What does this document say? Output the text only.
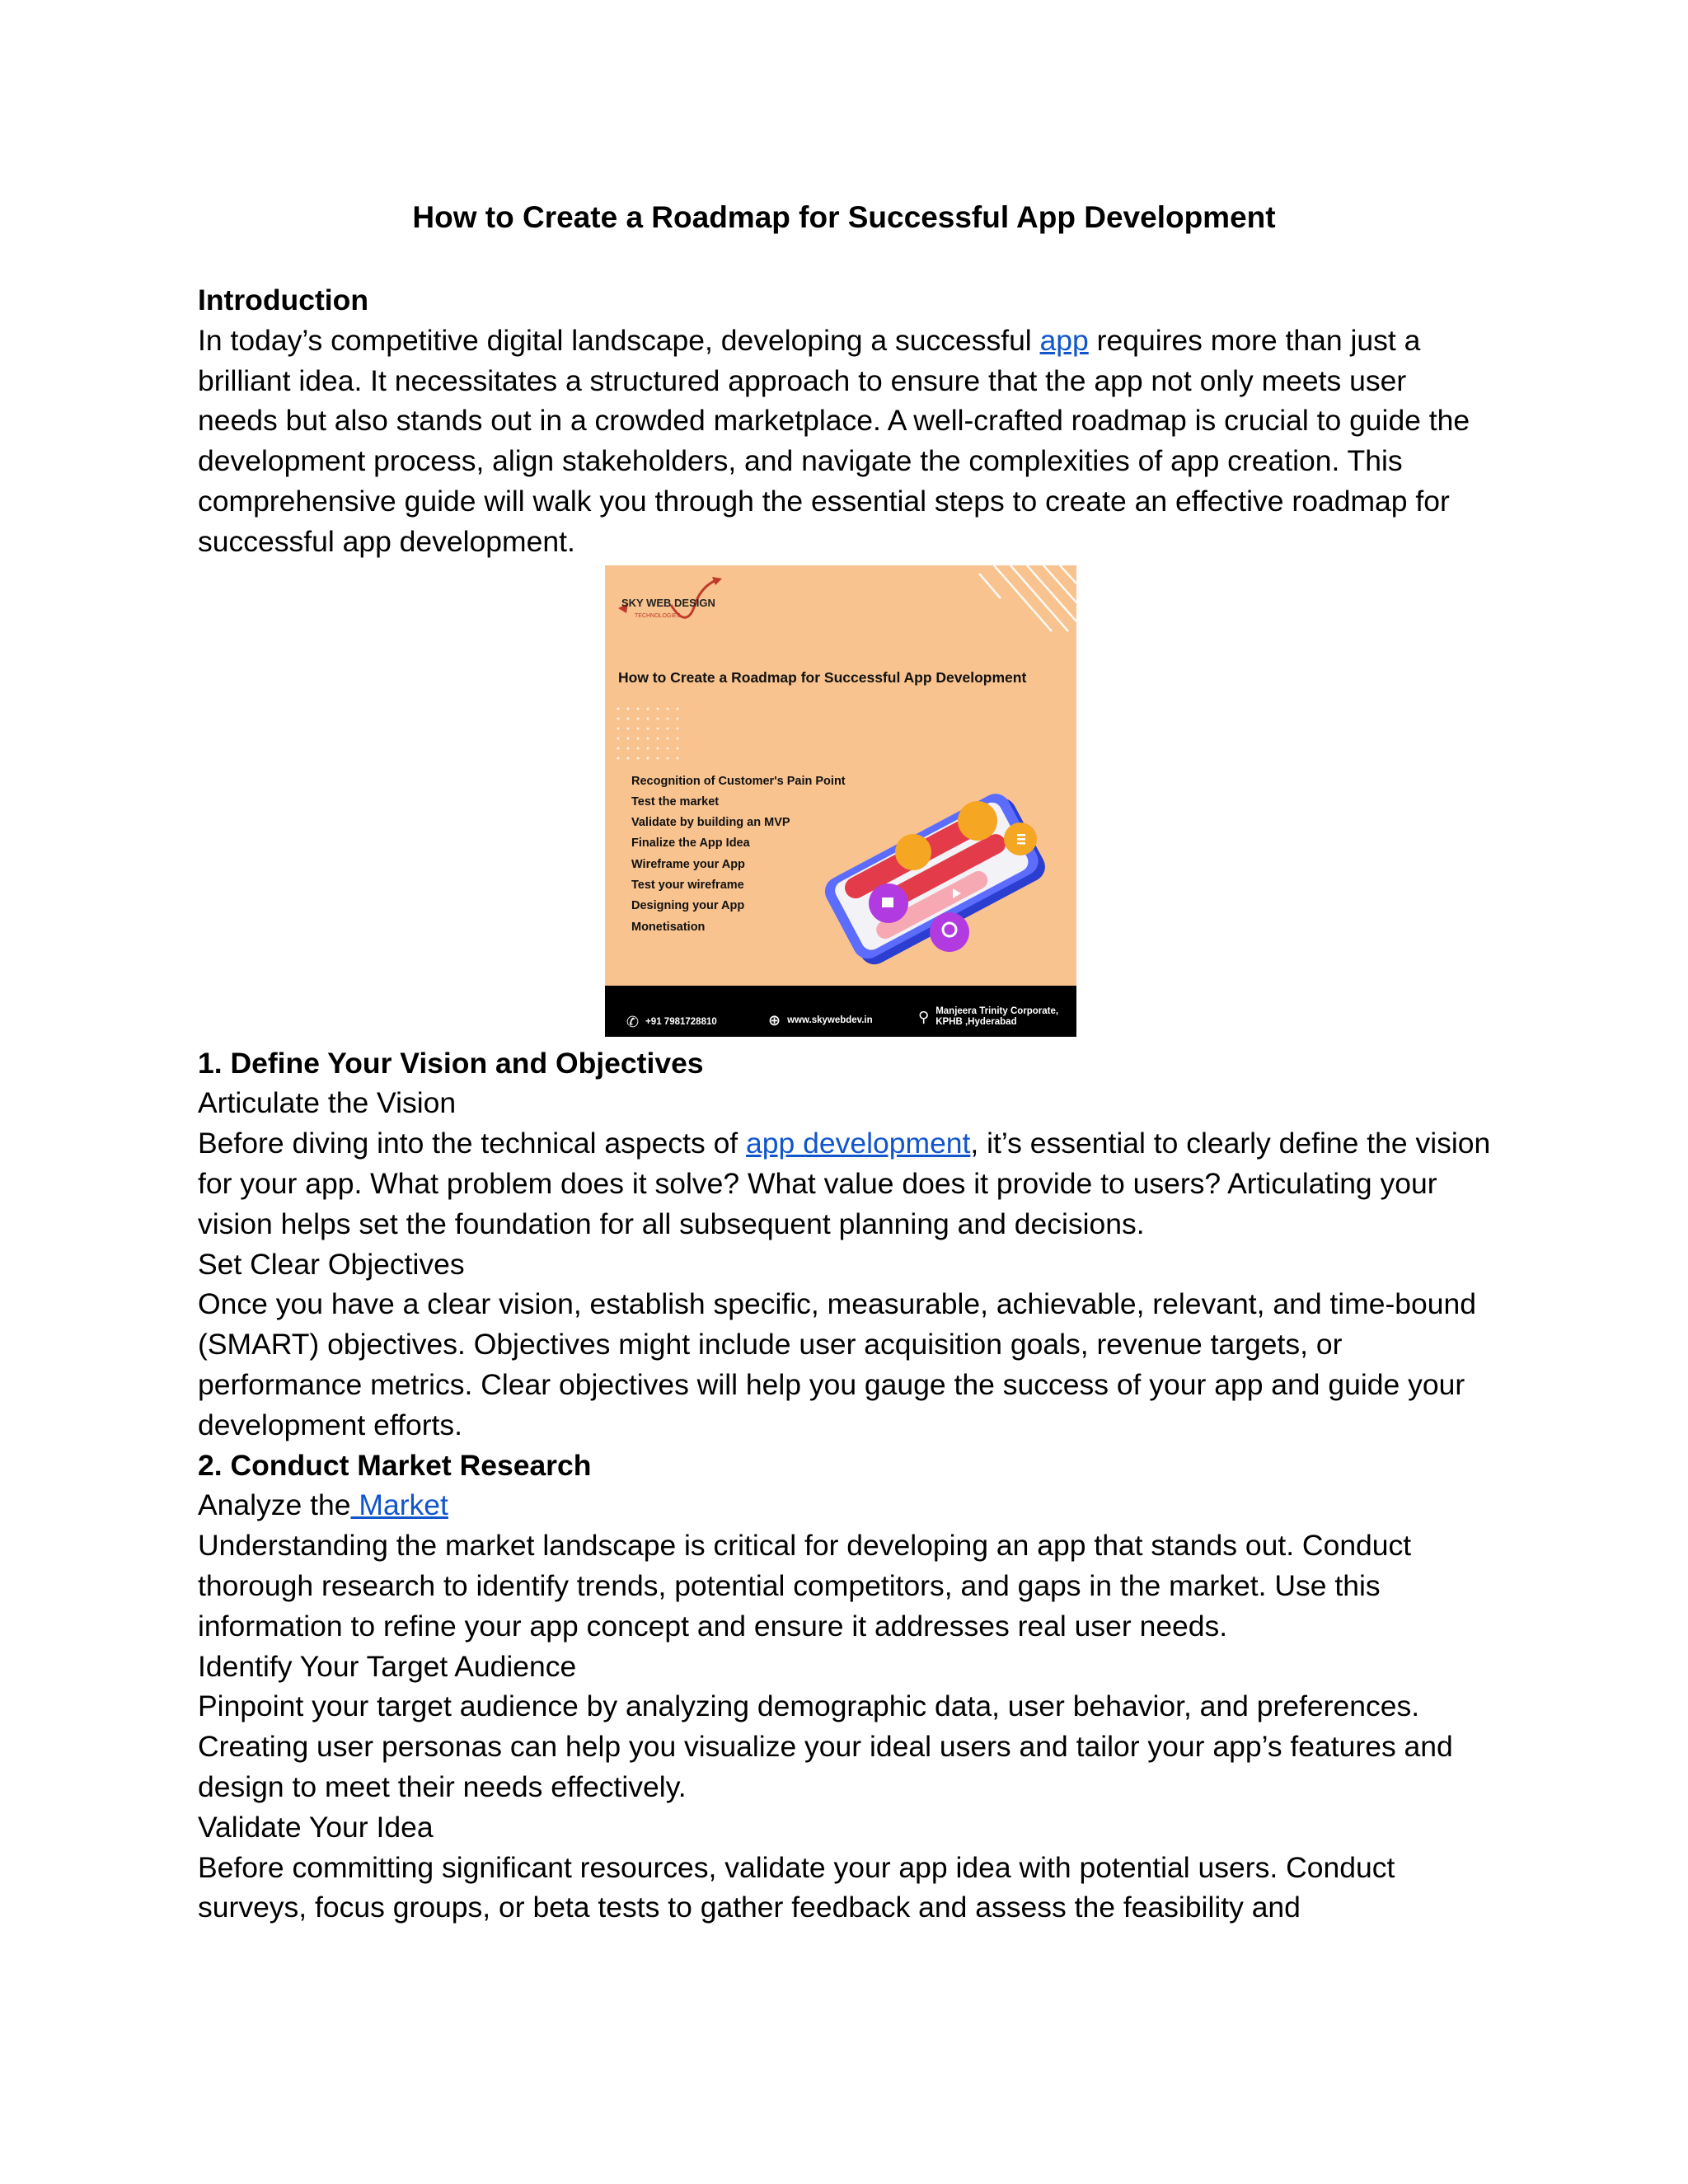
How to Create a Roadmap for Successful App Development

Introduction

In today’s competitive digital landscape, developing a successful app requires more than just a brilliant idea. It necessitates a structured approach to ensure that the app not only meets user needs but also stands out in a crowded marketplace. A well-crafted roadmap is crucial to guide the development process, align stakeholders, and navigate the complexities of app creation. This comprehensive guide will walk you through the essential steps to create an effective roadmap for successful app development.

SKY WEB DESIGN
TECHNOLOGIES
How to Create a Roadmap for Successful App Development
Recognition of Customer's Pain Point
Test the market
Validate by building an MVP
Finalize the App Idea
Wireframe your App
Test your wireframe
Designing your App
Monetisation
✆ +91 7981728810	⊕ www.skywebdev.in	⚲ Manjeera Trinity Corporate,
KPHB ,Hyderabad

1. Define Your Vision and Objectives

Articulate the Vision

Before diving into the technical aspects of app development, it’s essential to clearly define the vision for your app. What problem does it solve? What value does it provide to users? Articulating your vision helps set the foundation for all subsequent planning and decisions.

Set Clear Objectives

Once you have a clear vision, establish specific, measurable, achievable, relevant, and time-bound (SMART) objectives. Objectives might include user acquisition goals, revenue targets, or performance metrics. Clear objectives will help you gauge the success of your app and guide your development efforts.

2. Conduct Market Research

Analyze the Market

Understanding the market landscape is critical for developing an app that stands out. Conduct thorough research to identify trends, potential competitors, and gaps in the market. Use this information to refine your app concept and ensure it addresses real user needs.

Identify Your Target Audience

Pinpoint your target audience by analyzing demographic data, user behavior, and preferences. Creating user personas can help you visualize your ideal users and tailor your app’s features and design to meet their needs effectively.

Validate Your Idea

Before committing significant resources, validate your app idea with potential users. Conduct surveys, focus groups, or beta tests to gather feedback and assess the feasibility and
